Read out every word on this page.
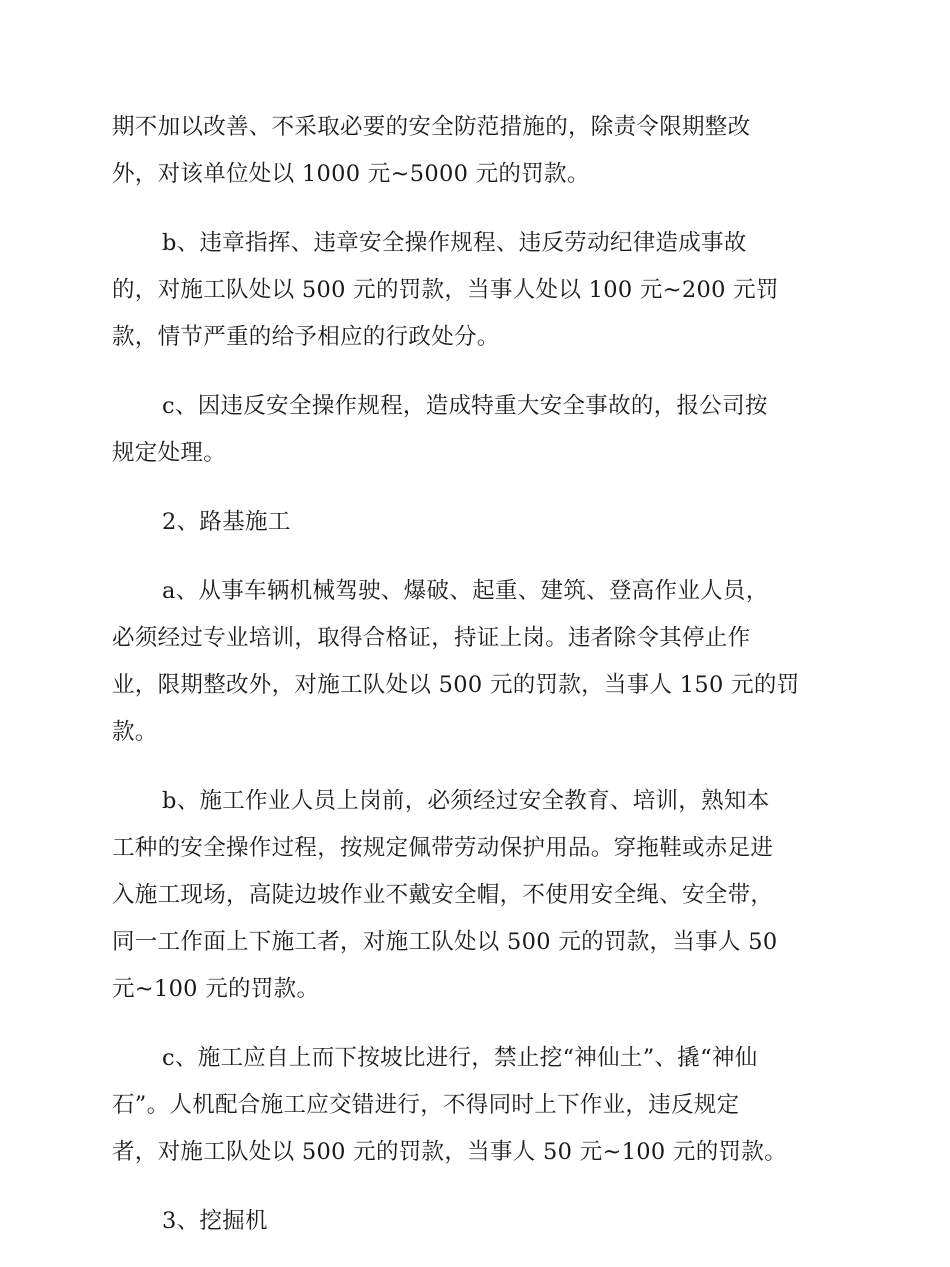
期不加以改善、不采取必要的安全防范措施的，除责令限期整改
外，对该单位处以 1000 元~5000 元的罚款。

b、违章指挥、违章安全操作规程、违反劳动纪律造成事故
的，对施工队处以 500 元的罚款，当事人处以 100 元~200 元罚
款，情节严重的给予相应的行政处分。

c、因违反安全操作规程，造成特重大安全事故的，报公司按
规定处理。

2、路基施工

a、从事车辆机械驾驶、爆破、起重、建筑、登高作业人员，
必须经过专业培训，取得合格证，持证上岗。违者除令其停止作
业，限期整改外，对施工队处以 500 元的罚款，当事人 150 元的罚
款。

b、施工作业人员上岗前，必须经过安全教育、培训，熟知本
工种的安全操作过程，按规定佩带劳动保护用品。穿拖鞋或赤足进
入施工现场，高陡边坡作业不戴安全帽，不使用安全绳、安全带，
同一工作面上下施工者，对施工队处以 500 元的罚款，当事人 50
元~100 元的罚款。

c、施工应自上而下按坡比进行，禁止挖“神仙土”、撬“神仙
石”。人机配合施工应交错进行，不得同时上下作业，违反规定
者，对施工队处以 500 元的罚款，当事人 50 元~100 元的罚款。

3、挖掘机
